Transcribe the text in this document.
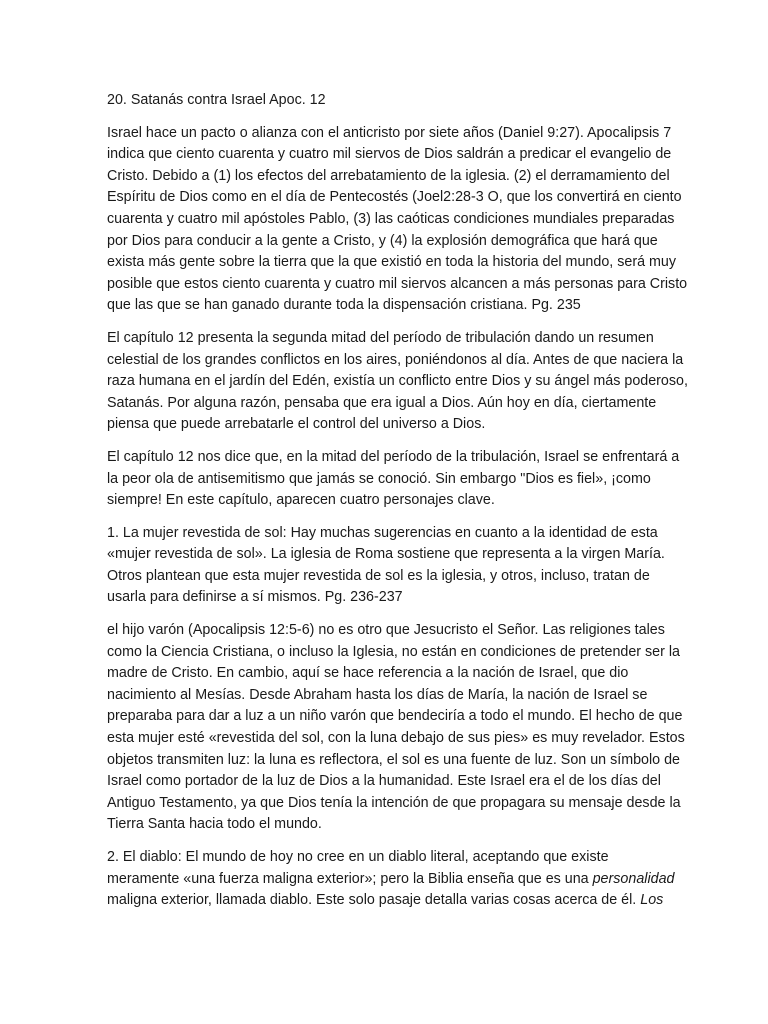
20. Satanás contra Israel Apoc. 12

Israel hace un pacto o alianza con el anticristo por siete años (Daniel 9:27). Apocalipsis 7
indica que ciento cuarenta y cuatro mil siervos de Dios saldrán a predicar el evangelio de
Cristo. Debido a (1) los efectos del arrebatamiento de la iglesia. (2) el derramamiento del
Espíritu de Dios como en el día de Pentecostés (Joel2:28-3 O, que los convertirá en ciento
cuarenta y cuatro mil apóstoles Pablo, (3) las caóticas condiciones mundiales preparadas
por Dios para conducir a la gente a Cristo, y (4) la explosión demográfica que hará que
exista más gente sobre la tierra que la que existió en toda la historia del mundo, será muy
posible que estos ciento cuarenta y cuatro mil siervos alcancen a más personas para Cristo
que las que se han ganado durante toda la dispensación cristiana. Pg. 235

El capítulo 12 presenta la segunda mitad del período de tribulación dando un resumen
celestial de los grandes conflictos en los aires, poniéndonos al día. Antes de que naciera la
raza humana en el jardín del Edén, existía un conflicto entre Dios y su ángel más poderoso,
Satanás. Por alguna razón, pensaba que era igual a Dios. Aún hoy en día, ciertamente
piensa que puede arrebatarle el control del universo a Dios.

El capítulo 12 nos dice que, en la mitad del período de la tribulación, Israel se enfrentará a
la peor ola de antisemitismo que jamás se conoció. Sin embargo "Dios es fiel», ¡como
siempre! En este capítulo, aparecen cuatro personajes clave.

1. La mujer revestida de sol: Hay muchas sugerencias en cuanto a la identidad de esta
«mujer revestida de sol». La iglesia de Roma sostiene que representa a la virgen María.
Otros plantean que esta mujer revestida de sol es la iglesia, y otros, incluso, tratan de
usarla para definirse a sí mismos. Pg. 236-237

el hijo varón (Apocalipsis 12:5-6) no es otro que Jesucristo el Señor. Las religiones tales
como la Ciencia Cristiana, o incluso la Iglesia, no están en condiciones de pretender ser la
madre de Cristo. En cambio, aquí se hace referencia a la nación de Israel, que dio
nacimiento al Mesías. Desde Abraham hasta los días de María, la nación de Israel se
preparaba para dar a luz a un niño varón que bendeciría a todo el mundo. El hecho de que
esta mujer esté «revestida del sol, con la luna debajo de sus pies» es muy revelador. Estos
objetos transmiten luz: la luna es reflectora, el sol es una fuente de luz. Son un símbolo de
Israel como portador de la luz de Dios a la humanidad. Este Israel era el de los días del
Antiguo Testamento, ya que Dios tenía la intención de que propagara su mensaje desde la
Tierra Santa hacia todo el mundo.

2. El diablo: El mundo de hoy no cree en un diablo literal, aceptando que existe
meramente «una fuerza maligna exterior»; pero la Biblia enseña que es una personalidad
maligna exterior, llamada diablo. Este solo pasaje detalla varias cosas acerca de él. Los
